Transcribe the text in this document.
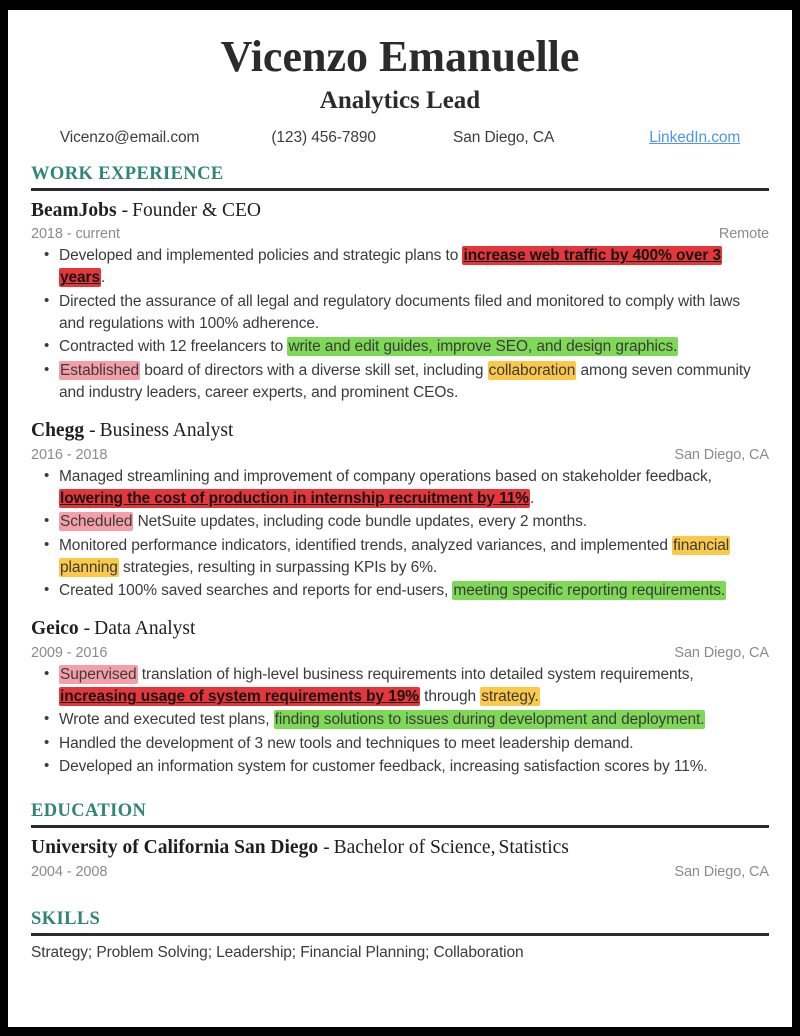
Vicenzo Emanuelle
Analytics Lead
Vicenzo@email.com	(123) 456-7890	San Diego, CA	LinkedIn.com
WORK EXPERIENCE
BeamJobs - Founder & CEO
2018 - current	Remote
• Developed and implemented policies and strategic plans to increase web traffic by 400% over 3 years.
• Directed the assurance of all legal and regulatory documents filed and monitored to comply with laws and regulations with 100% adherence.
• Contracted with 12 freelancers to write and edit guides, improve SEO, and design graphics.
• Established board of directors with a diverse skill set, including collaboration among seven community and industry leaders, career experts, and prominent CEOs.
Chegg - Business Analyst
2016 - 2018	San Diego, CA
• Managed streamlining and improvement of company operations based on stakeholder feedback, lowering the cost of production in internship recruitment by 11%.
• Scheduled NetSuite updates, including code bundle updates, every 2 months.
• Monitored performance indicators, identified trends, analyzed variances, and implemented financial planning strategies, resulting in surpassing KPIs by 6%.
• Created 100% saved searches and reports for end-users, meeting specific reporting requirements.
Geico - Data Analyst
2009 - 2016	San Diego, CA
• Supervised translation of high-level business requirements into detailed system requirements, increasing usage of system requirements by 19% through strategy.
• Wrote and executed test plans, finding solutions to issues during development and deployment.
• Handled the development of 3 new tools and techniques to meet leadership demand.
• Developed an information system for customer feedback, increasing satisfaction scores by 11%.
EDUCATION
University of California San Diego - Bachelor of Science, Statistics
2004 - 2008	San Diego, CA
SKILLS
Strategy; Problem Solving; Leadership; Financial Planning; Collaboration
